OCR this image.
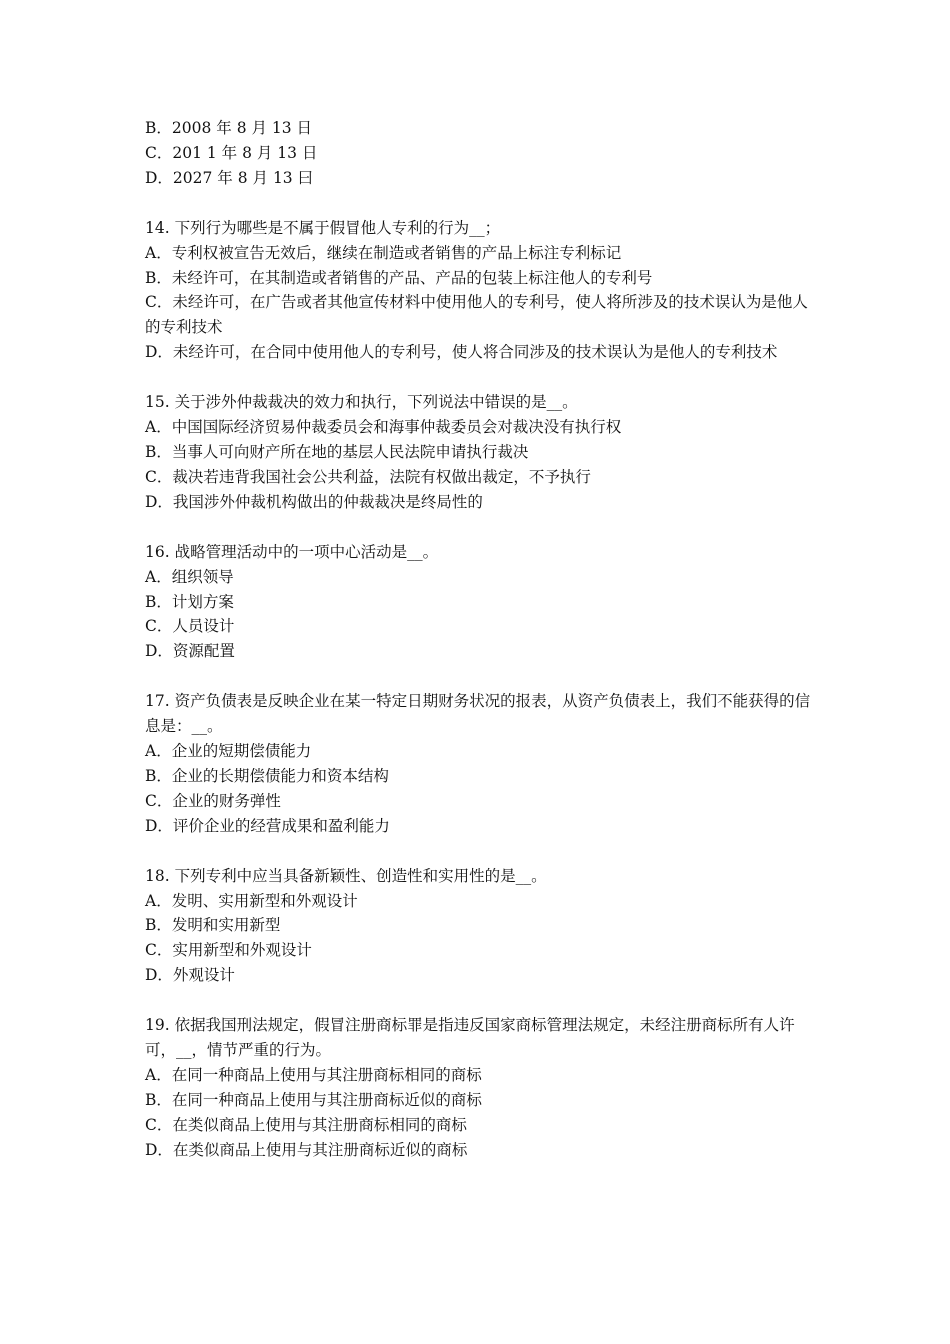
B．2008 年 8 月 13 日
C．201 1 年 8 月 13 日
D．2027 年 8 月 13 曰
14. 下列行为哪些是不属于假冒他人专利的行为__；
A．专利权被宣告无效后，继续在制造或者销售的产品上标注专利标记
B．未经许可，在其制造或者销售的产品、产品的包装上标注他人的专利号
C．未经许可，在广告或者其他宣传材料中使用他人的专利号，使人将所涉及的技术误认为是他人的专利技术
D．未经许可，在合同中使用他人的专利号，使人将合同涉及的技术误认为是他人的专利技术
15. 关于涉外仲裁裁决的效力和执行，下列说法中错误的是__。
A．中国国际经济贸易仲裁委员会和海事仲裁委员会对裁决没有执行权
B．当事人可向财产所在地的基层人民法院申请执行裁决
C．裁决若违背我国社会公共利益，法院有权做出裁定，不予执行
D．我国涉外仲裁机构做出的仲裁裁决是终局性的
16. 战略管理活动中的一项中心活动是__。
A．组织领导
B．计划方案
C．人员设计
D．资源配置
17. 资产负债表是反映企业在某一特定日期财务状况的报表，从资产负债表上，我们不能获得的信息是：__。
A．企业的短期偿债能力
B．企业的长期偿债能力和资本结构
C．企业的财务弹性
D．评价企业的经营成果和盈利能力
18. 下列专利中应当具备新颖性、创造性和实用性的是__。
A．发明、实用新型和外观设计
B．发明和实用新型
C．实用新型和外观设计
D．外观设计
19. 依据我国刑法规定，假冒注册商标罪是指违反国家商标管理法规定，未经注册商标所有人许可，__，情节严重的行为。
A．在同一种商品上使用与其注册商标相同的商标
B．在同一种商品上使用与其注册商标近似的商标
C．在类似商品上使用与其注册商标相同的商标
D．在类似商品上使用与其注册商标近似的商标
